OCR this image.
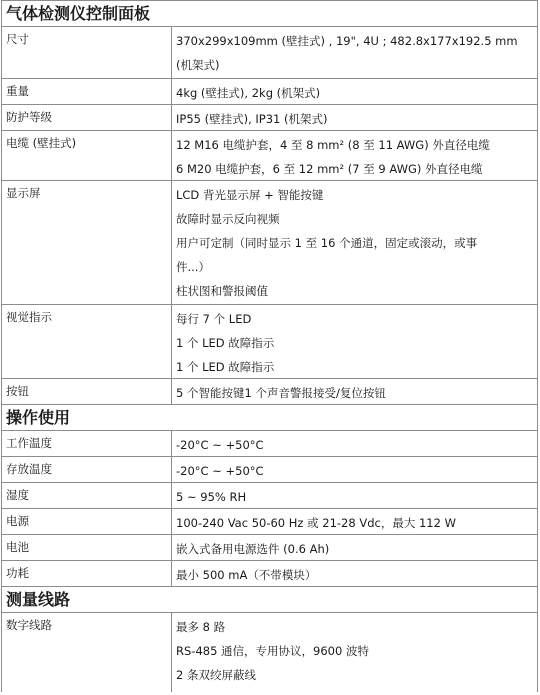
气体检测仪控制面板
尺寸	370x299x109mm (壁挂式) , 19", 4U ; 482.8x177x192.5 mm
(机架式)
重量	4kg (壁挂式), 2kg (机架式)
防护等级	IP55 (壁挂式), IP31 (机架式)
电缆 (壁挂式)	12 M16 电缆护套，4 至 8 mm² (8 至 11 AWG) 外直径电缆
6 M20 电缆护套，6 至 12 mm² (7 至 9 AWG) 外直径电缆
显示屏	LCD 背光显示屏 + 智能按键
故障时显示反向视频
用户可定制（同时显示 1 至 16 个通道，固定或滚动，或事
件...）
柱状图和警报阈值
视觉指示	每行 7 个 LED
1 个 LED 故障指示
1 个 LED 故障指示
按钮	5 个智能按键1 个声音警报接受/复位按钮
操作使用
工作温度	-20°C ~ +50°C
存放温度	-20°C ~ +50°C
湿度	5 ~ 95% RH
电源	100-240 Vac 50-60 Hz 或 21-28 Vdc，最大 112 W
电池	嵌入式备用电源选件 (0.6 Ah)
功耗	最小 500 mA（不带模块）
测量线路
数字线路	最多 8 路
RS-485 通信，专用协议，9600 波特
2 条双绞屏蔽线
